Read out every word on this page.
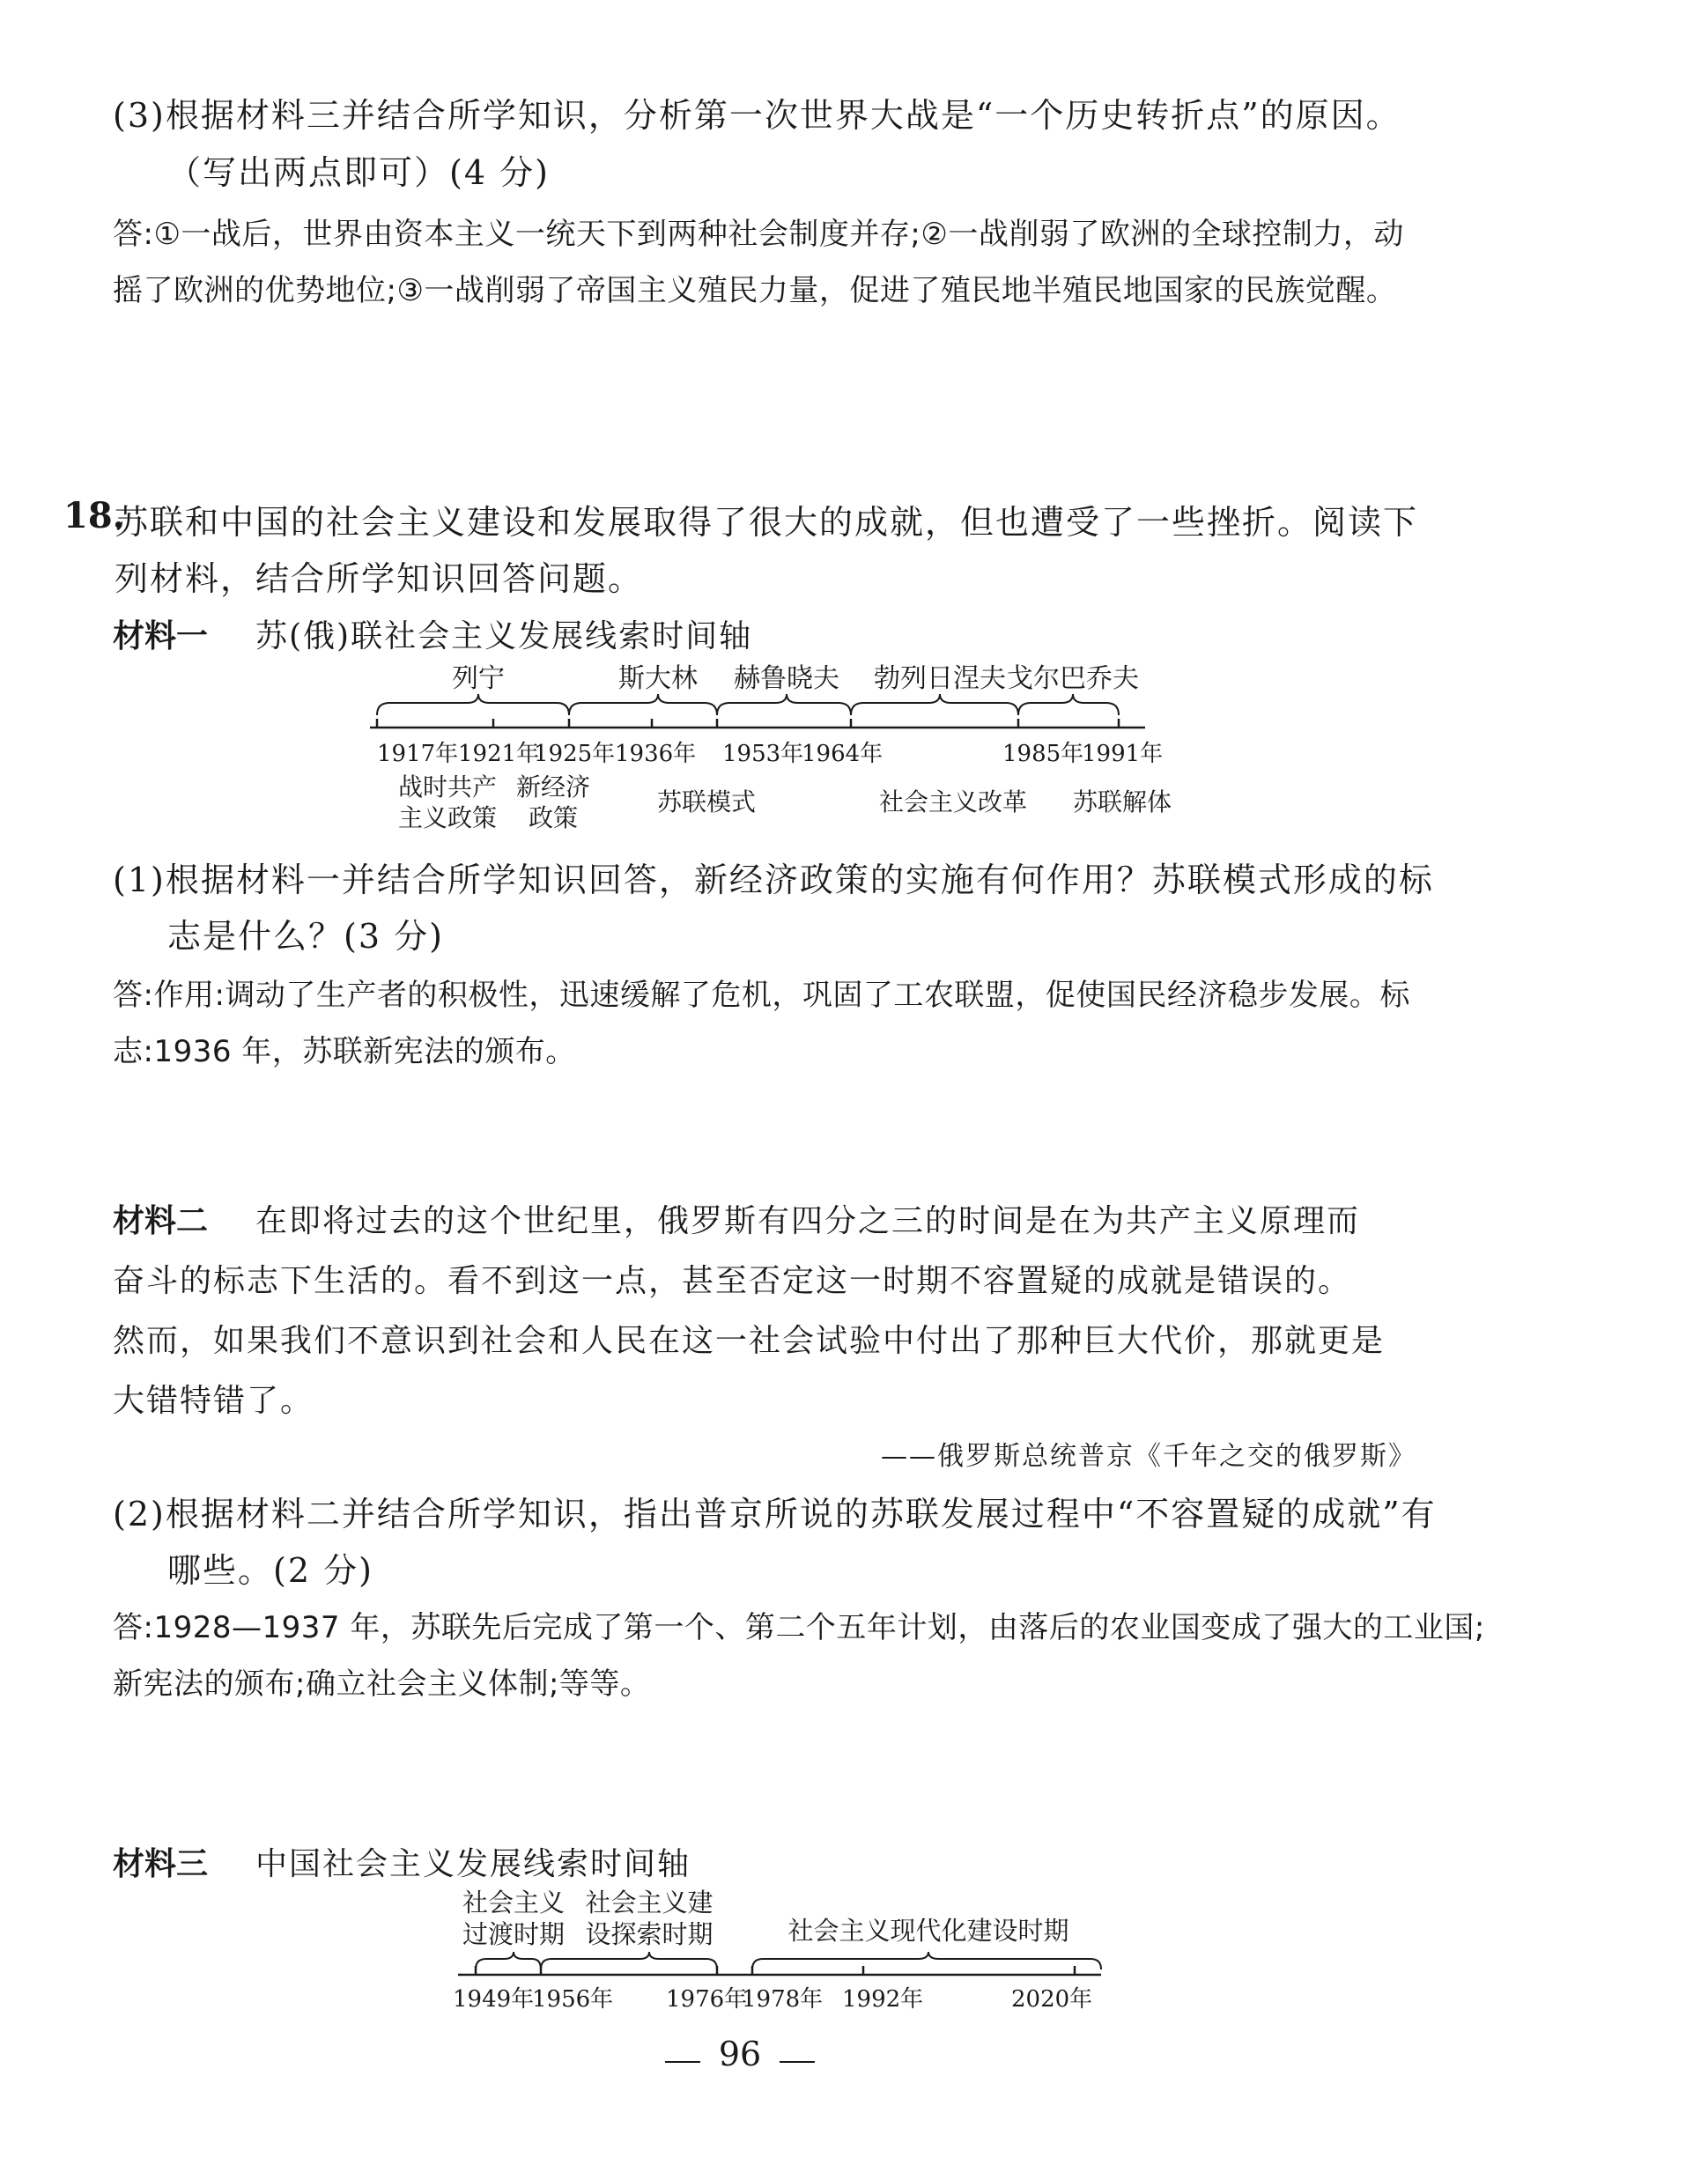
(3)根据材料三并结合所学知识，分析第一次世界大战是“一个历史转折点”的原因。
（写出两点即可）(4 分)
答:①一战后，世界由资本主义一统天下到两种社会制度并存;②一战削弱了欧洲的全球控制力，动
摇了欧洲的优势地位;③一战削弱了帝国主义殖民力量，促进了殖民地半殖民地国家的民族觉醒。
18.
苏联和中国的社会主义建设和发展取得了很大的成就，但也遭受了一些挫折。阅读下
列材料，结合所学知识回答问题。
材料一 苏(俄)联社会主义发展线索时间轴
列宁	斯大林 赫鲁晓夫 勃列日涅夫 戈尔巴乔夫
1917年 1921年
1925年 1936年 1953年
1964年	1985年
1991年
战时共产
主义政策
新经济
政策
苏联模式	社会主义改革 苏联解体
(1)根据材料一并结合所学知识回答，新经济政策的实施有何作用？苏联模式形成的标
志是什么？(3 分)
答:作用:调动了生产者的积极性，迅速缓解了危机，巩固了工农联盟，促使国民经济稳步发展。标
志:1936 年，苏联新宪法的颁布。
材料二 在即将过去的这个世纪里，俄罗斯有四分之三的时间是在为共产主义原理而
奋斗的标志下生活的。看不到这一点，甚至否定这一时期不容置疑的成就是错误的。
然而，如果我们不意识到社会和人民在这一社会试验中付出了那种巨大代价，那就更是
大错特错了。
——俄罗斯总统普京《千年之交的俄罗斯》
(2)根据材料二并结合所学知识，指出普京所说的苏联发展过程中“不容置疑的成就”有
哪些。(2 分)
答:1928—1937 年，苏联先后完成了第一个、第二个五年计划，由落后的农业国变成了强大的工业国;
新宪法的颁布;确立社会主义体制;等等。
材料三 中国社会主义发展线索时间轴
社会主义
过渡时期
社会主义建
设探索时期	社会主义现代化建设时期
1949年
1956年 1976年
1978年 1992年	2020年
96
